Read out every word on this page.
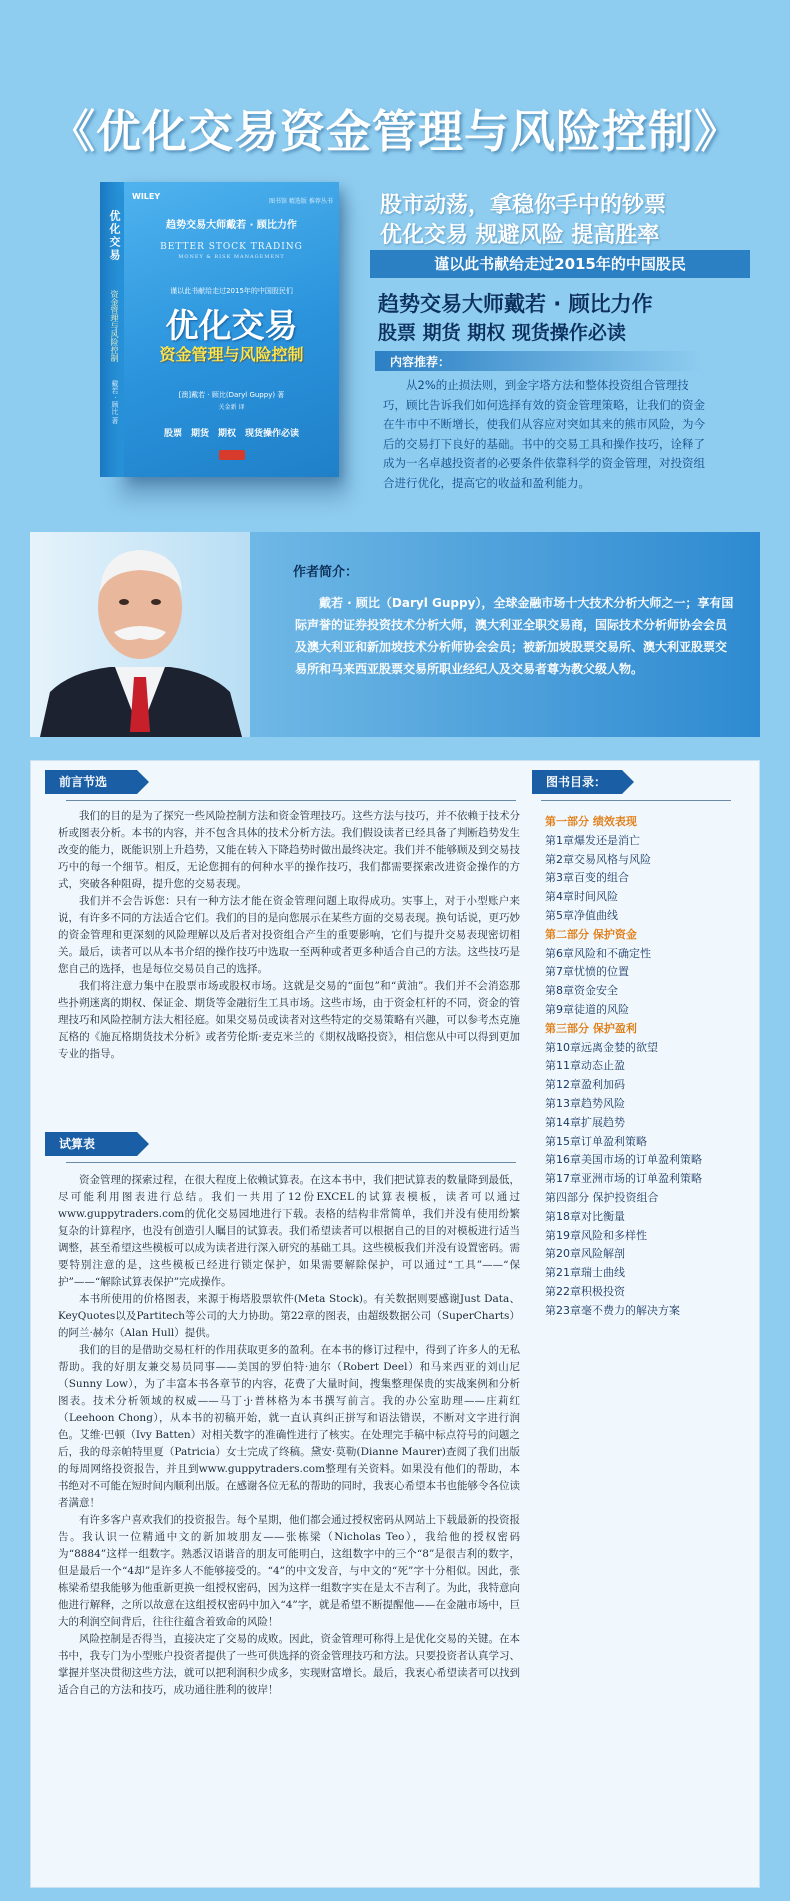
《优化交易资金管理与风险控制》
优化交易
资金管理与风险控制
戴若 · 顾比 著
WILEY
图书馆 精选版 推荐丛书
趋势交易大师戴若 · 顾比力作
BETTER STOCK TRADING
MONEY & RISK MANAGEMENT
谨以此书献给走过2015年的中国股民们
优化交易
资金管理与风险控制
[澳]戴若 · 顾比(Daryl Guppy) 著
关金新 译
股票　期货　期权　现货操作必读
股市动荡，拿稳你手中的钞票
优化交易 规避风险 提高胜率
谨以此书献给走过2015年的中国股民
趋势交易大师戴若 · 顾比力作
股票 期货 期权 现货操作必读
内容推荐：
从2%的止损法则，到金字塔方法和整体投资组合管理技巧，顾比告诉我们如何选择有效的资金管理策略，让我们的资金在牛市中不断增长，使我们从容应对突如其来的熊市风险，为今后的交易打下良好的基础。书中的交易工具和操作技巧，诠释了成为一名卓越投资者的必要条件依靠科学的资金管理，对投资组合进行优化，提高它的收益和盈利能力。
作者简介：
戴若 · 顾比（Daryl Guppy），全球金融市场十大技术分析大师之一；享有国际声誉的证券投资技术分析大师，澳大利亚全职交易商，国际技术分析师协会会员及澳大利亚和新加坡技术分析师协会会员；被新加坡股票交易所、澳大利亚股票交易所和马来西亚股票交易所职业经纪人及交易者尊为教父级人物。
前言节选

我们的目的是为了探究一些风险控制方法和资金管理技巧。这些方法与技巧，并不依赖于技术分析或图表分析。本书的内容，并不包含具体的技术分析方法。我们假设读者已经具备了判断趋势发生改变的能力，既能识别上升趋势，又能在转入下降趋势时做出最终决定。我们并不能够顾及到交易技巧中的每一个细节。相反，无论您拥有的何种水平的操作技巧，我们都需要探索改进资金操作的方式，突破各种阻碍，提升您的交易表现。

我们并不会告诉您：只有一种方法才能在资金管理问题上取得成功。实事上，对于小型账户来说，有许多不同的方法适合它们。我们的目的是向您展示在某些方面的交易表现。换句话说，更巧妙的资金管理和更深刻的风险理解以及后者对投资组合产生的重要影响，它们与提升交易表现密切相关。最后，读者可以从本书介绍的操作技巧中选取一至两种或者更多种适合自己的方法。这些技巧是您自己的选择，也是每位交易员自己的选择。

我们将注意力集中在股票市场或股权市场。这就是交易的“面包”和“黄油”。我们并不会消恣那些扑朔迷离的期权、保证金、期货等金融衍生工具市场。这些市场，由于资金杠杆的不同，资金的管理技巧和风险控制方法大相径庭。如果交易员或读者对这些特定的交易策略有兴趣，可以参考杰克施瓦格的《施瓦格期货技术分析》或者劳伦斯·麦克米兰的《期权战略投资》，相信您从中可以得到更加专业的指导。

试算表

资金管理的探索过程，在很大程度上依赖试算表。在这本书中，我们把试算表的数量降到最低，尽可能利用图表进行总结。我们一共用了12份EXCEL的试算表模板，读者可以通过www.guppytraders.com的优化交易园地进行下载。表格的结构非常简单，我们并没有使用纷繁复杂的计算程序，也没有创造引人瞩目的试算表。我们希望读者可以根据自己的目的对模板进行适当调整，甚至希望这些模板可以成为读者进行深入研究的基础工具。这些模板我们并没有设置密码。需要特别注意的是，这些模板已经进行锁定保护，如果需要解除保护，可以通过“工具”——“保护”——“解除试算表保护”完成操作。

本书所使用的价格图表，来源于梅塔股票软件(Meta Stock)。有关数据则要感谢Just Data、KeyQuotes以及Partitech等公司的大力协助。第22章的图表，由超级数据公司（SuperCharts）的阿兰·赫尔（Alan Hull）提供。

我们的目的是借助交易杠杆的作用获取更多的盈利。在本书的修订过程中，得到了许多人的无私帮助。我的好朋友兼交易员同事——美国的罗伯特·迪尔（Robert Deel）和马来西亚的刘山尼（Sunny Low），为了丰富本书各章节的内容，花费了大量时间，搜集整理保贵的实战案例和分析图表。技术分析领域的权威——马丁·j·普林格为本书撰写前言。我的办公室助理——庄莉红（Leehoon Chong），从本书的初稿开始，就一直认真纠正拼写和语法错误，不断对文字进行润色。艾维·巴顿（Ivy Batten）对相关数字的准确性进行了核实。在处理完手稿中标点符号的问题之后，我的母亲帕特里夏（Patricia）女士完成了终稿。黛安·莫勒(Dianne Maurer)查阅了我们出版的每周网络投资报告，并且到www.guppytraders.com整理有关资料。如果没有他们的帮助，本书绝对不可能在短时间内顺利出版。在感谢各位无私的帮助的同时，我衷心希望本书也能够令各位读者满意！

有许多客户喜欢我们的投资报告。每个星期，他们都会通过授权密码从网站上下载最新的投资报告。我认识一位精通中文的新加坡朋友——张栋梁（Nicholas Teo），我给他的授权密码为“8884”这样一组数字。熟悉汉语谐音的朋友可能明白，这组数字中的三个“8”是很吉利的数字，但是最后一个“4却”是许多人不能够接受的。“4”的中文发音，与中文的“死”字十分相似。因此，张栋梁希望我能够为他重新更换一组授权密码，因为这样一组数字实在是太不吉利了。为此，我特意向他进行解释，之所以故意在这组授权密码中加入“4”字，就是希望不断提醒他——在金融市场中，巨大的利润空间背后，往往往蕴含着致命的风险！

风险控制是否得当，直接决定了交易的成败。因此，资金管理可称得上是优化交易的关键。在本书中，我专门为小型账户投资者提供了一些可供选择的资金管理技巧和方法。只要投资者认真学习、掌握并坚决贯彻这些方法，就可以把利润积少成多，实现财富增长。最后，我衷心希望读者可以找到适合自己的方法和技巧，成功通往胜利的彼岸！

图书目录：
第一部分 绩效表现
第1章爆发还是消亡
第2章交易风格与风险
第3章百变的组合
第4章时间风险
第5章净值曲线
第二部分 保护资金
第6章风险和不确定性
第7章忧愤的位置
第8章资金安全
第9章徒道的风险
第三部分 保护盈利
第10章远离金婪的欲望
第11章动态止盈
第12章盈利加码
第13章趋势风险
第14章扩展趋势
第15章订单盈利策略
第16章美国市场的订单盈利策略
第17章亚洲市场的订单盈利策略
第四部分 保护投资组合
第18章对比衡量
第19章风险和多样性
第20章风险解剖
第21章瑞士曲线
第22章积极投资
第23章毫不费力的解决方案
